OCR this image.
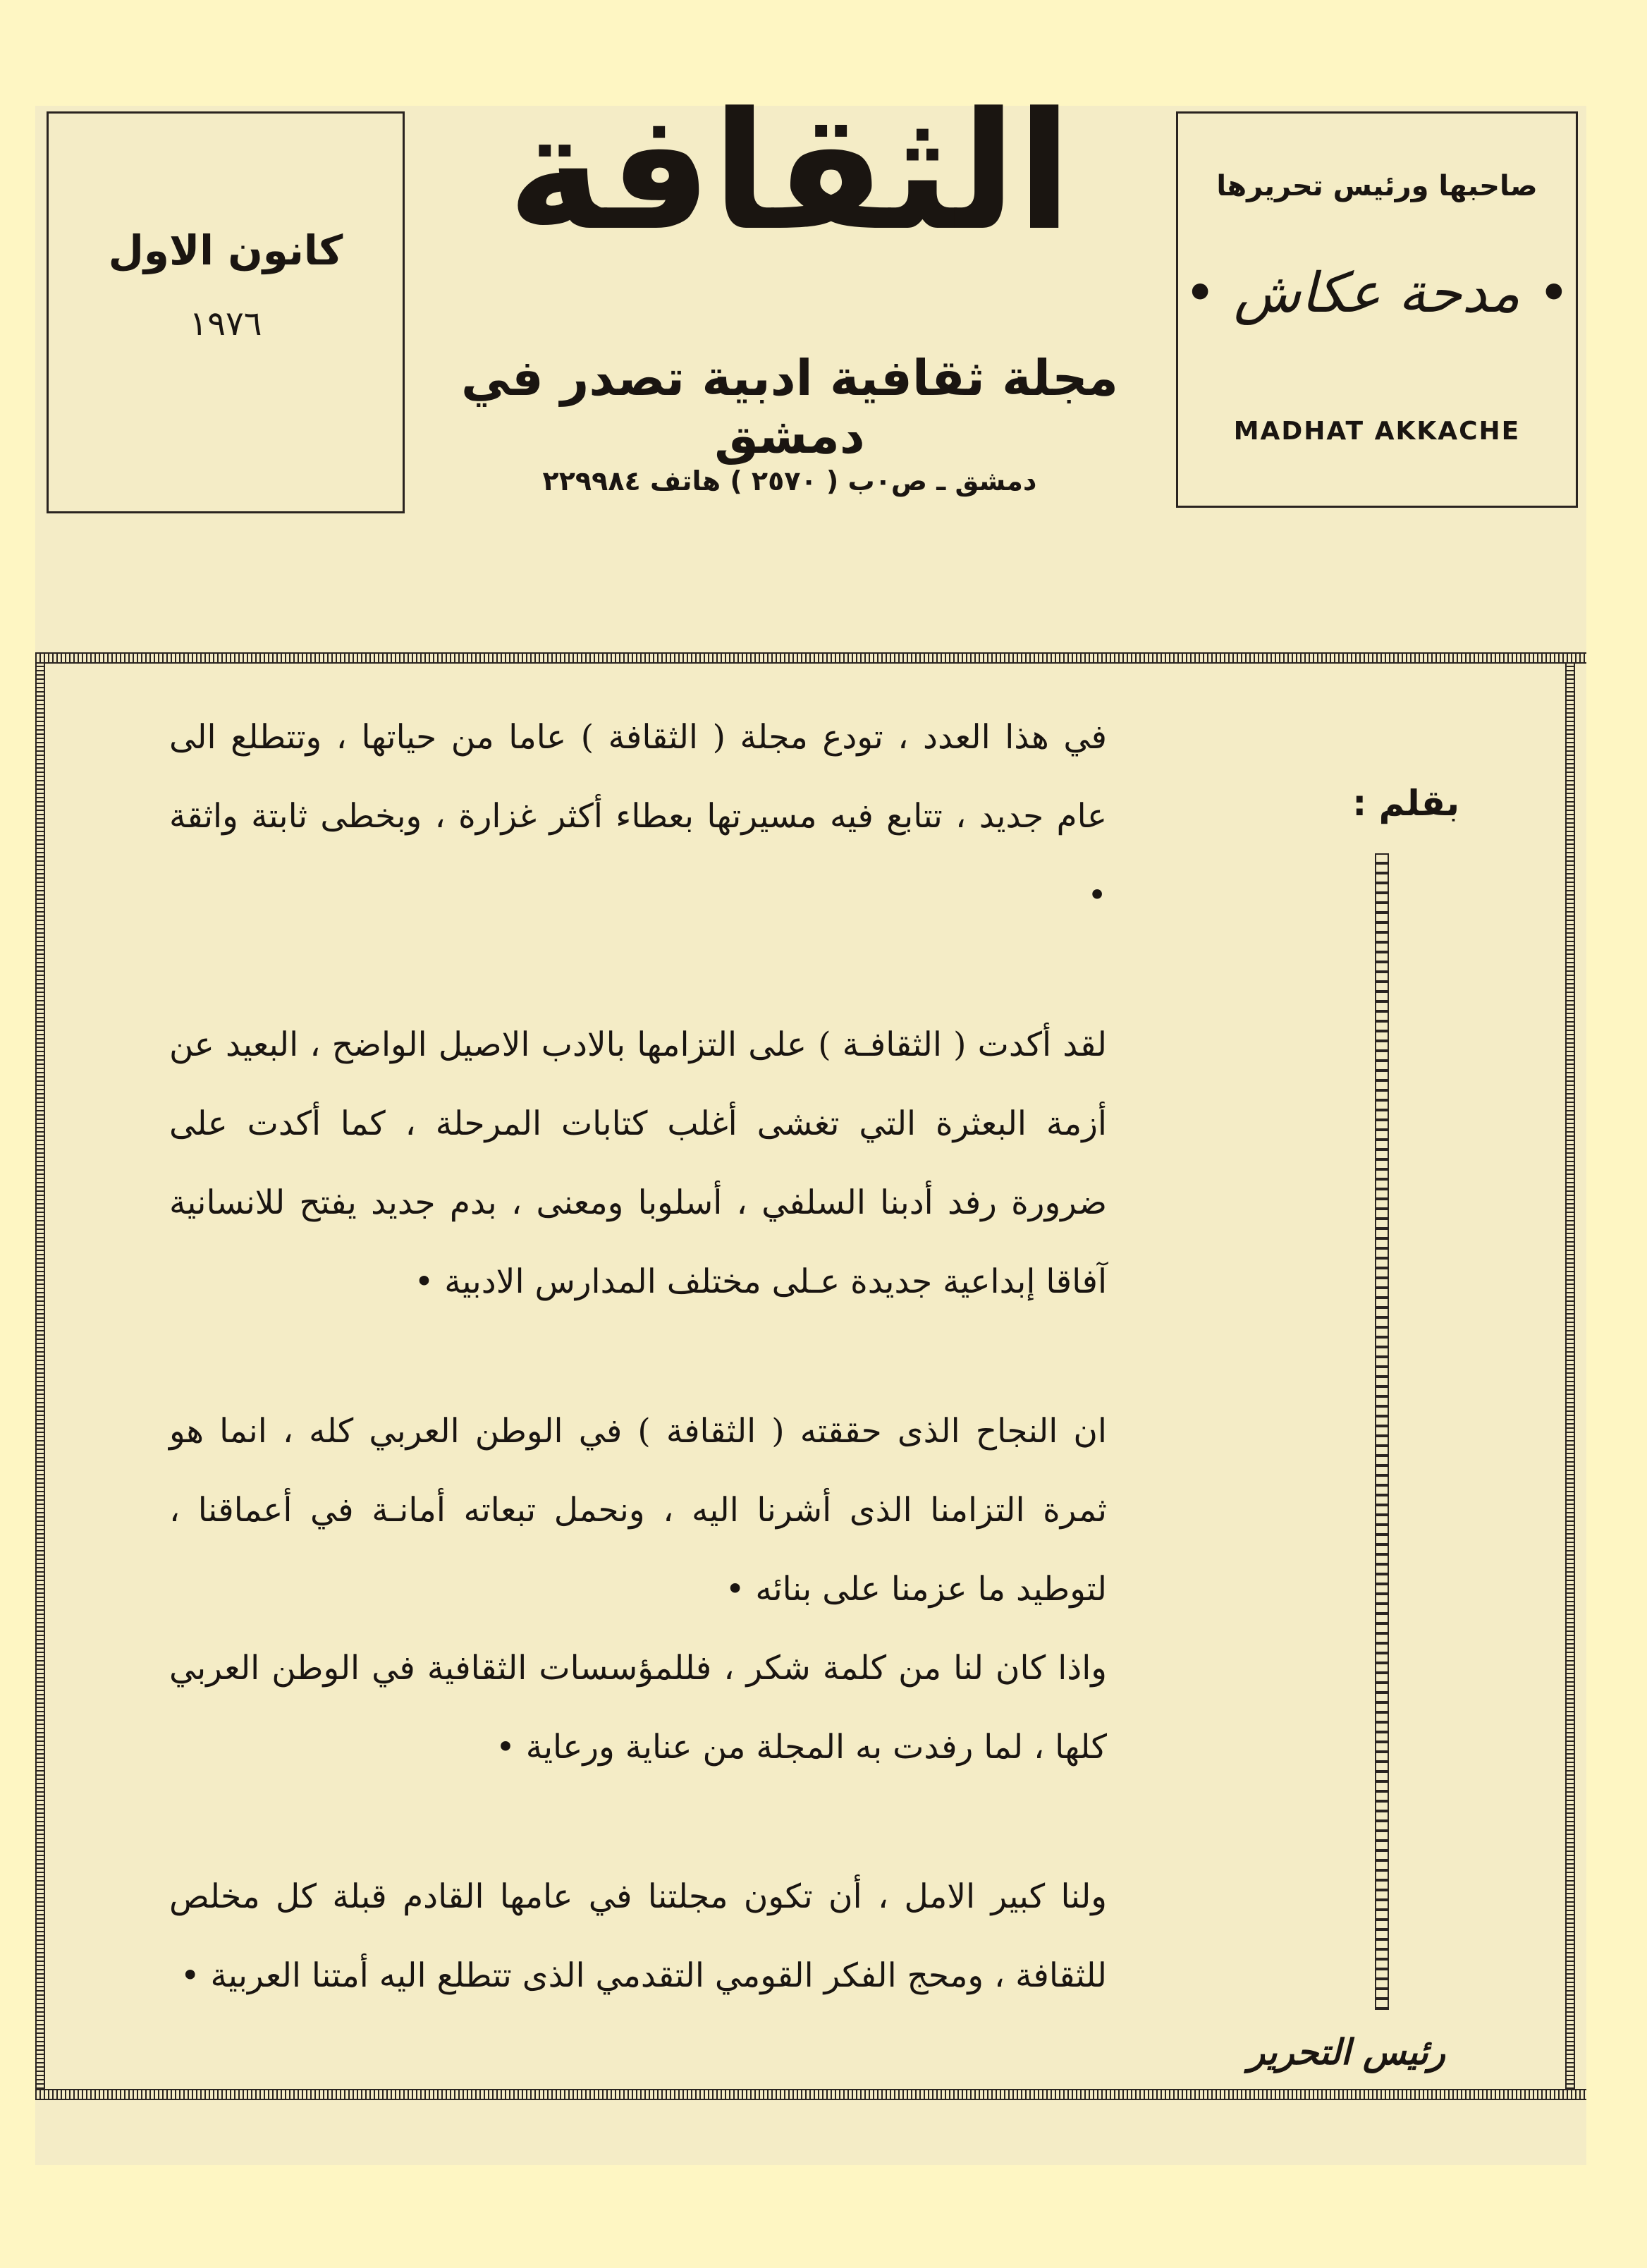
كانون الاول
١٩٧٦
الثقافة
مجلة ثقافية ادبية تصدر في دمشق
دمشق ـ ص٠ب ( ٢٥٧٠ ) هاتف ٢٢٩٩٨٤
صاحبها ورئيس تحريرها
• مدحة عكاش •
MADHAT AKKACHE
بقلم :

في هذا العدد ، تودع مجلة ( الثقافة ) عاما من حياتها ، وتتطلع الى عام جديد ، تتابع فيه مسيرتها بعطاء أكثر غزارة ، وبخطى ثابتة واثقة •

لقد أكدت ( الثقافـة ) على التزامها بالادب الاصيل الواضح ، البعيد عن أزمة البعثرة التي تغشى أغلب كتابات المرحلة ، كما أكدت على ضرورة رفد أدبنا السلفي ، أسلوبا ومعنى ، بدم جديد يفتح للانسانية آفاقا إبداعية جديدة عـلى مختلف المدارس الادبية •

ان النجاح الذى حققته ( الثقافة ) في الوطن العربي كله ، انما هو ثمرة التزامنا الذى أشرنا اليه ، ونحمل تبعاته أمانـة في أعماقنا ، لتوطيد ما عزمنا على بنائه •

واذا كان لنا من كلمة شكر ، فللمؤسسات الثقافية في الوطن العربي كلها ، لما رفدت به المجلة من عناية ورعاية •

ولنا كبير الامل ، أن تكون مجلتنا في عامها القادم قبلة كل مخلص للثقافة ، ومحج الفكر القومي التقدمي الذى تتطلع اليه أمتنا العربية •

رئيس التحرير
